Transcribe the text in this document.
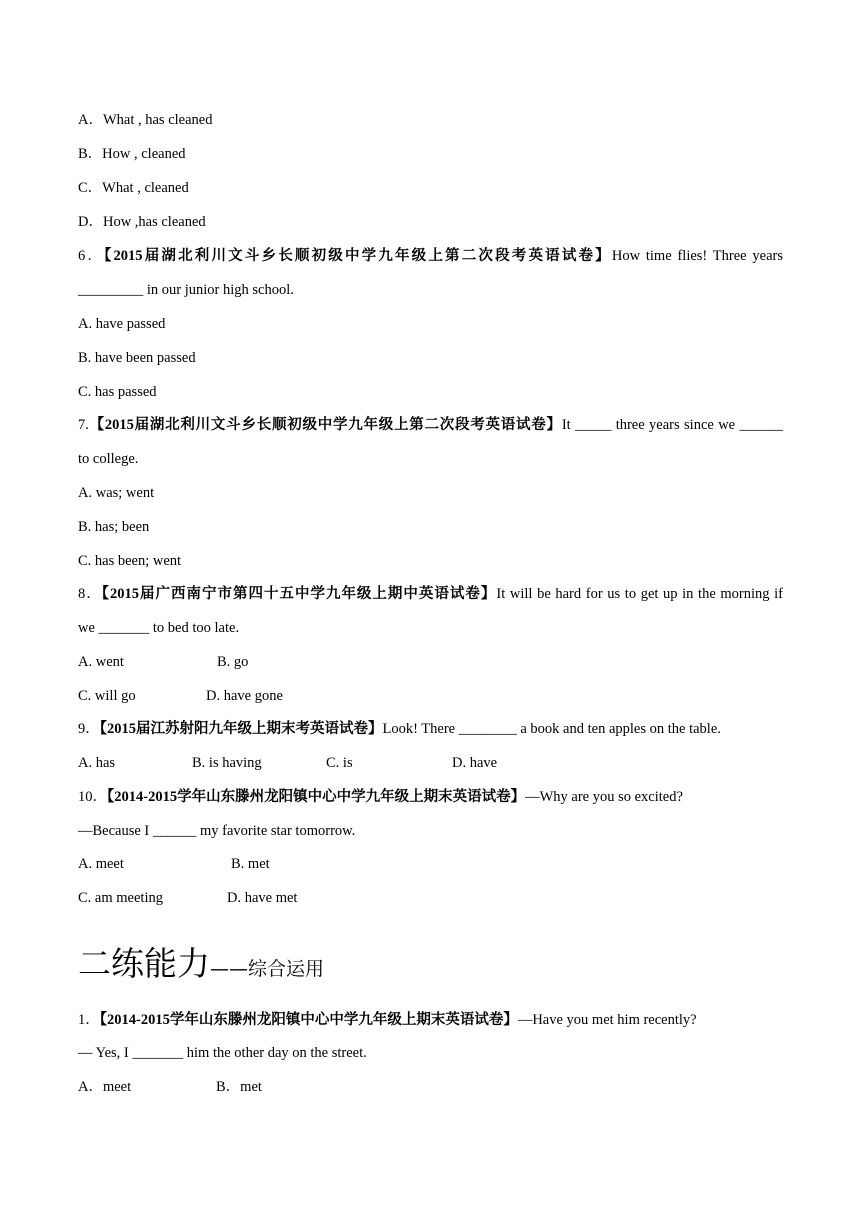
A．What , has cleaned
B．How , cleaned
C．What , cleaned
D．How ,has cleaned
6．【2015届湖北利川文斗乡长顺初级中学九年级上第二次段考英语试卷】How time flies! Three years
_________ in our junior high school.
A. have passed
B. have been passed
C. has passed
7.【2015届湖北利川文斗乡长顺初级中学九年级上第二次段考英语试卷】It _____ three years since we ______
to college.
A. was; went
B. has; been
C. has been; went
8．【2015届广西南宁市第四十五中学九年级上期中英语试卷】It will be hard for us to get up in the morning if
we _______ to bed too late.
A. went	B. go
C. will go	D. have gone
9．【2015届江苏射阳九年级上期末考英语试卷】Look! There ________ a book and ten apples on the table.
A. has	B. is having	C. is	D. have
10．【2014-2015学年山东滕州龙阳镇中心中学九年级上期末英语试卷】—Why are you so excited?
—Because I ______ my favorite star tomorrow.
A. meet	B. met
C. am meeting	D. have met
二练能力——综合运用
1．【2014-2015学年山东滕州龙阳镇中心中学九年级上期末英语试卷】—Have you met him recently?
— Yes, I _______ him the other day on the street.
A．meet	B．met
